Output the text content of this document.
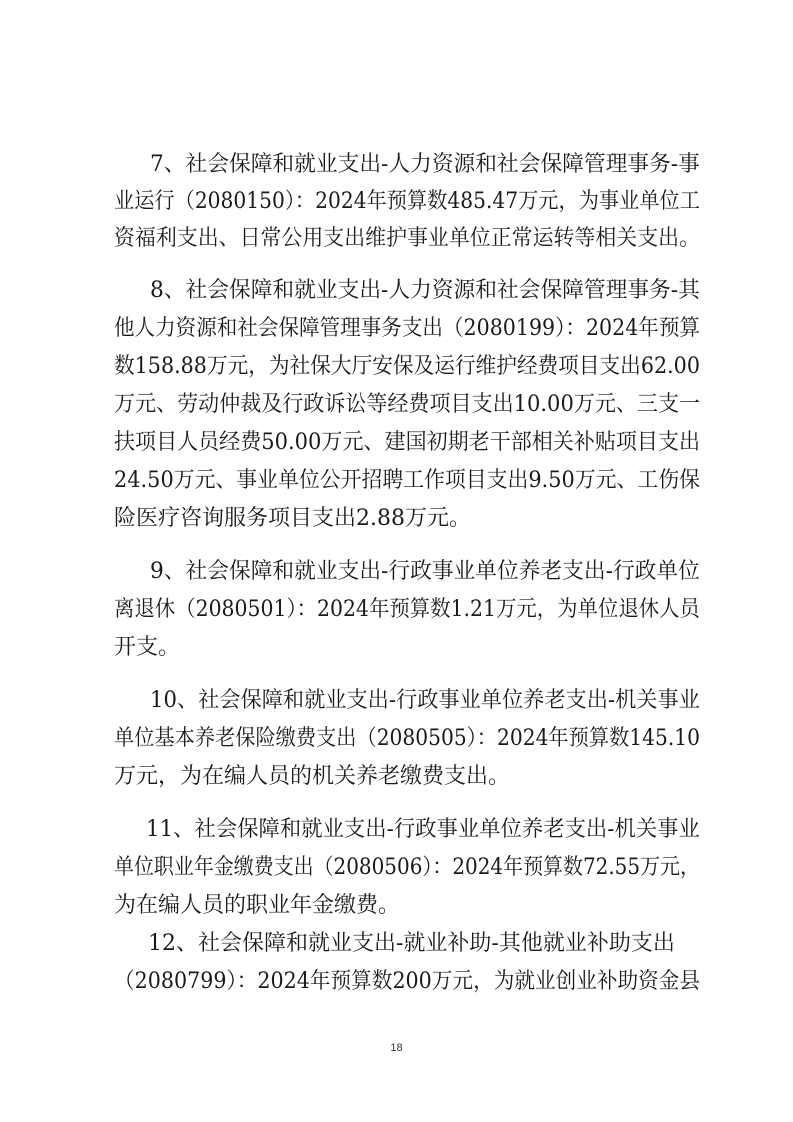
7、社会保障和就业支出-人力资源和社会保障管理事务-事
业运行（2080150）：2024年预算数485.47万元，为事业单位工
资福利支出、日常公用支出维护事业单位正常运转等相关支出。
8、社会保障和就业支出-人力资源和社会保障管理事务-其
他人力资源和社会保障管理事务支出（2080199）：2024年预算
数158.88万元，为社保大厅安保及运行维护经费项目支出62.00
万元、劳动仲裁及行政诉讼等经费项目支出10.00万元、三支一
扶项目人员经费50.00万元、建国初期老干部相关补贴项目支出
24.50万元、事业单位公开招聘工作项目支出9.50万元、工伤保
险医疗咨询服务项目支出2.88万元。
9、社会保障和就业支出-行政事业单位养老支出-行政单位
离退休（2080501）：2024年预算数1.21万元，为单位退休人员
开支。
10、社会保障和就业支出-行政事业单位养老支出-机关事业
单位基本养老保险缴费支出（2080505）：2024年预算数145.10
万元，为在编人员的机关养老缴费支出。
11、社会保障和就业支出-行政事业单位养老支出-机关事业
单位职业年金缴费支出（2080506）：2024年预算数72.55万元，
为在编人员的职业年金缴费。
12、社会保障和就业支出-就业补助-其他就业补助支出
（2080799）：2024年预算数200万元，为就业创业补助资金县
18
